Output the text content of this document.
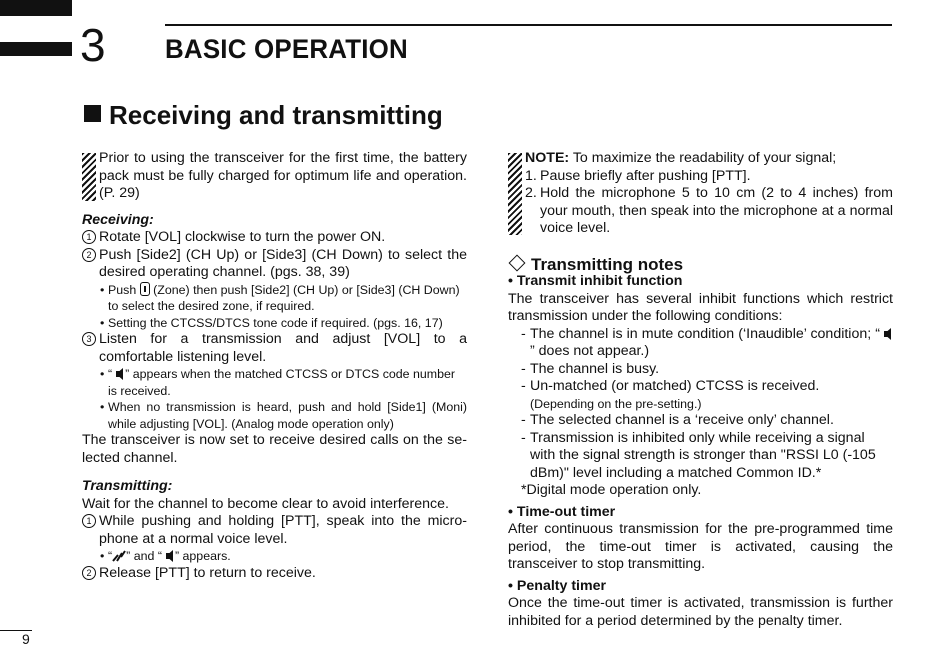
3 BASIC OPERATION
Receiving and transmitting

Prior to using the transceiver for the first time, the battery pack must be fully charged for optimum life and operation. (P. 29)

Receiving:

1 Rotate [VOL] clockwise to turn the power ON.
2 Push [Side2] (CH Up) or [Side3] (CH Down) to select the desired operating channel. (pgs. 38, 39)
• Push (Zone) then push [Side2] (CH Up) or [Side3] (CH Down) to select the desired zone, if required.
• Setting the CTCSS/DTCS tone code if required. (pgs. 16, 17)
3 Listen for a transmission and adjust [VOL] to a comfortable listening level.
• “ ” appears when the matched CTCSS or DTCS code number is received.
• When no transmission is heard, push and hold [Side1] (Moni) while adjusting [VOL]. (Analog mode operation only)

The transceiver is now set to receive desired calls on the se-lected channel.

Transmitting:

Wait for the channel to become clear to avoid interference.

1 While pushing and holding [PTT], speak into the micro-phone at a normal voice level.
• “ ” and “ ” appears.
2 Release [PTT] to return to receive.

NOTE: To maximize the readability of your signal;

1. Pause briefly after pushing [PTT].
2. Hold the microphone 5 to 10 cm (2 to 4 inches) from your mouth, then speak into the microphone at a normal voice level.

Transmitting notes

• Transmit inhibit function

The transceiver has several inhibit functions which restrict transmission under the following conditions:

- The channel is in mute condition (‘Inaudible’ condition; “” does not appear.)
- The channel is busy.
- Un-matched (or matched) CTCSS is received.

(Depending on the pre-setting.)

- The selected channel is a ‘receive only’ channel.
- Transmission is inhibited only while receiving a signal with the signal strength is stronger than "RSSI L0 (-105 dBm)" level including a matched Common ID.*

*Digital mode operation only.

• Time-out timer

After continuous transmission for the pre-programmed time period, the time-out timer is activated, causing the transceiver to stop transmitting.

• Penalty timer

Once the time-out timer is activated, transmission is further inhibited for a period determined by the penalty timer.

9
